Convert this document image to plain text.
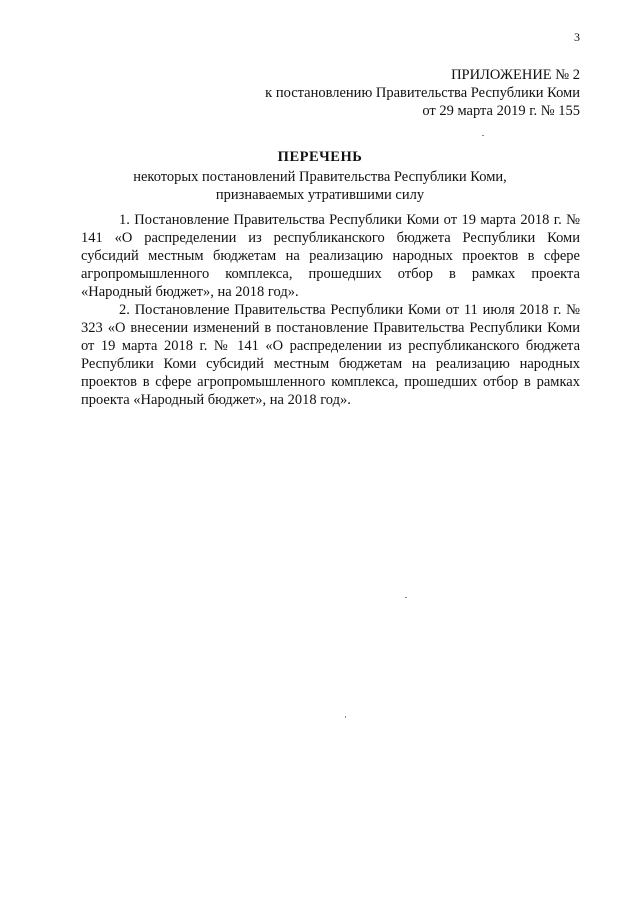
3
ПРИЛОЖЕНИЕ № 2
к постановлению Правительства Республики Коми
от 29 марта 2019 г. № 155
ПЕРЕЧЕНЬ
некоторых постановлений Правительства Республики Коми,
признаваемых утратившими силу

1. Постановление Правительства Республики Коми от 19 марта 2018 г. № 141 «О распределении из республиканского бюджета Республики Коми субсидий местным бюджетам на реализацию народных проектов в сфере агропромышленного комплекса, прошедших отбор в рамках проекта «Народный бюджет», на 2018 год».

2. Постановление Правительства Республики Коми от 11 июля 2018 г. № 323 «О внесении изменений в постановление Правительства Республики Коми от 19 марта 2018 г. № 141 «О распределении из республиканского бюджета Республики Коми субсидий местным бюджетам на реализацию народных проектов в сфере агропромышленного комплекса, прошедших отбор в рамках проекта «Народный бюджет», на 2018 год».
